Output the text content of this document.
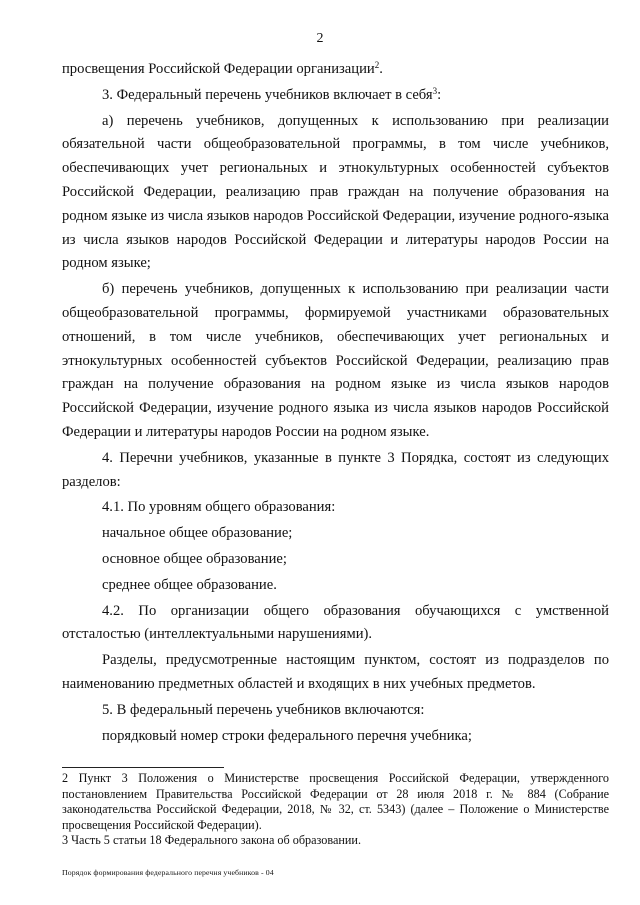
2

просвещения Российской Федерации организации$^2$.

3. Федеральный перечень учебников включает в себя$^3$:

а) перечень учебников, допущенных к использованию при реализации обязательной части общеобразовательной программы, в том числе учебников, обеспечивающих учет региональных и этнокультурных особенностей субъектов Российской Федерации, реализацию прав граждан на получение образования на родном языке из числа языков народов Российской Федерации, изучение родного-языка из числа языков народов Российской Федерации и литературы народов России на родном языке;

б) перечень учебников, допущенных к использованию при реализации части общеобразовательной программы, формируемой участниками образовательных отношений, в том числе учебников, обеспечивающих учет региональных и этнокультурных особенностей субъектов Российской Федерации, реализацию прав граждан на получение образования на родном языке из числа языков народов Российской Федерации, изучение родного языка из числа языков народов Российской Федерации и литературы народов России на родном языке.

4. Перечни учебников, указанные в пункте 3 Порядка, состоят из следующих разделов:

4.1. По уровням общего образования:

начальное общее образование;

основное общее образование;

среднее общее образование.

4.2. По организации общего образования обучающихся с умственной отсталостью (интеллектуальными нарушениями).

Разделы, предусмотренные настоящим пунктом, состоят из подразделов по наименованию предметных областей и входящих в них учебных предметов.

5. В федеральный перечень учебников включаются:

порядковый номер строки федерального перечня учебника;

2 Пункт 3 Положения о Министерстве просвещения Российской Федерации, утвержденного постановлением Правительства Российской Федерации от 28 июля 2018 г. № 884 (Собрание законодательства Российской Федерации, 2018, № 32, ст. 5343) (далее – Положение о Министерстве просвещения Российской Федерации).

3 Часть 5 статьи 18 Федерального закона об образовании.

Порядок формирования федерального перечня учебников - 04
